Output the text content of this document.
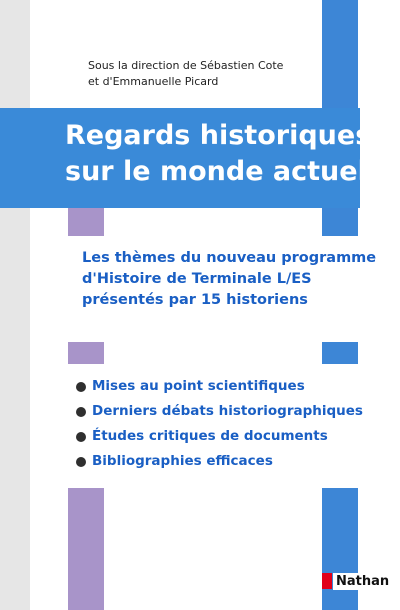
Sous la direction de Sébastien Cote
et d'Emmanuelle Picard
Regards historiques
sur le monde actuel
Les thèmes du nouveau programme
d'Histoire de Terminale L/ES
présentés par 15 historiens
Mises au point scientifiques
Derniers débats historiographiques
Études critiques de documents
Bibliographies efficaces
Nathan
